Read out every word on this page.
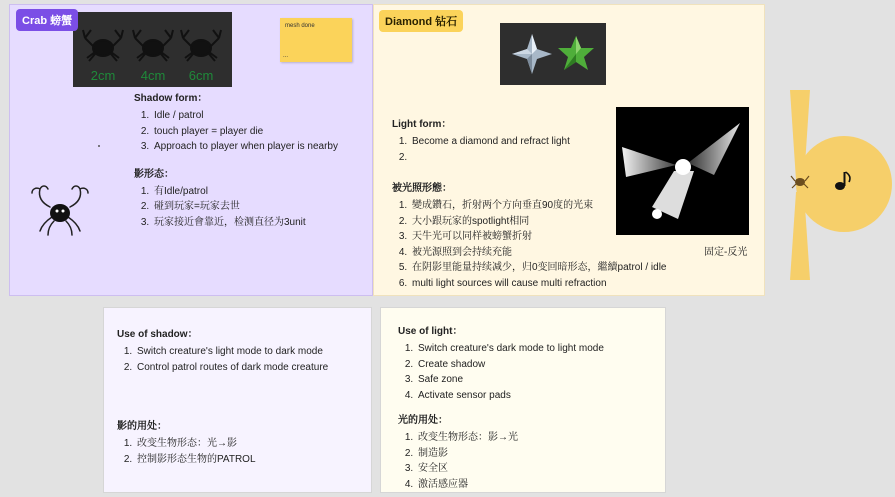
2cm 4cm 6cm
Crab 螃蟹	mesh done
...
Shadow form：
1. Idle / patrol
2. touch player = player die
3. Approach to player when player is nearby
影形态：
1. 有Idle/patrol
2. 碰到玩家=玩家去世
3. 玩家接近會靠近，检测直径为3unit
Diamond 钻石
Light form：
1. Become a diamond and refract light
2.
被光照形態：
1. 變成鑽石，折射两个方向垂直90度的光束
2. 大小跟玩家的spotlight相同
3. 天牛光可以同样被螃蟹折射
4. 被光源照到会持续充能
5. 在阴影里能量持续减少，归0变回暗形态，繼續patrol / idle
6. multi light sources will cause multi refraction
固定-反光
Use of shadow：
1. Switch creature's light mode to dark mode
2. Control patrol routes of dark mode creature
影的用处：
1. 改变生物形态：光→影
2. 控制影形态生物的PATROL
Use of light：
1. Switch creature's dark mode to light mode
2. Create shadow
3. Safe zone
4. Activate sensor pads
光的用处：
1. 改变生物形态：影→光
2. 制造影
3. 安全区
4. 激活感应器
